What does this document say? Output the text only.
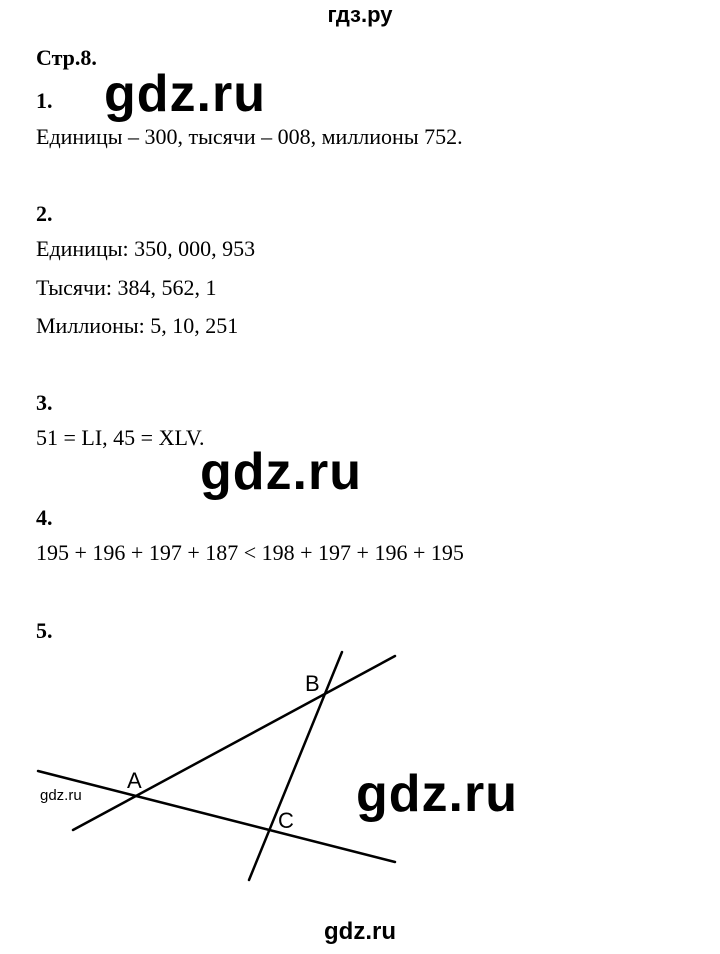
гдз.ру
Стр.8.
1.
Единицы – 300, тысячи – 008, миллионы 752.
2.
Единицы: 350, 000, 953
Тысячи: 384, 562, 1
Миллионы: 5, 10, 251
3.
51 = LI, 45 = XLV.
4.
195 + 196 + 197 + 187 < 198 + 197 + 196 + 195
5.
gdz.ru
gdz.ru
gdz.ru
gdz.ru
gdz.ru
A
B
C
